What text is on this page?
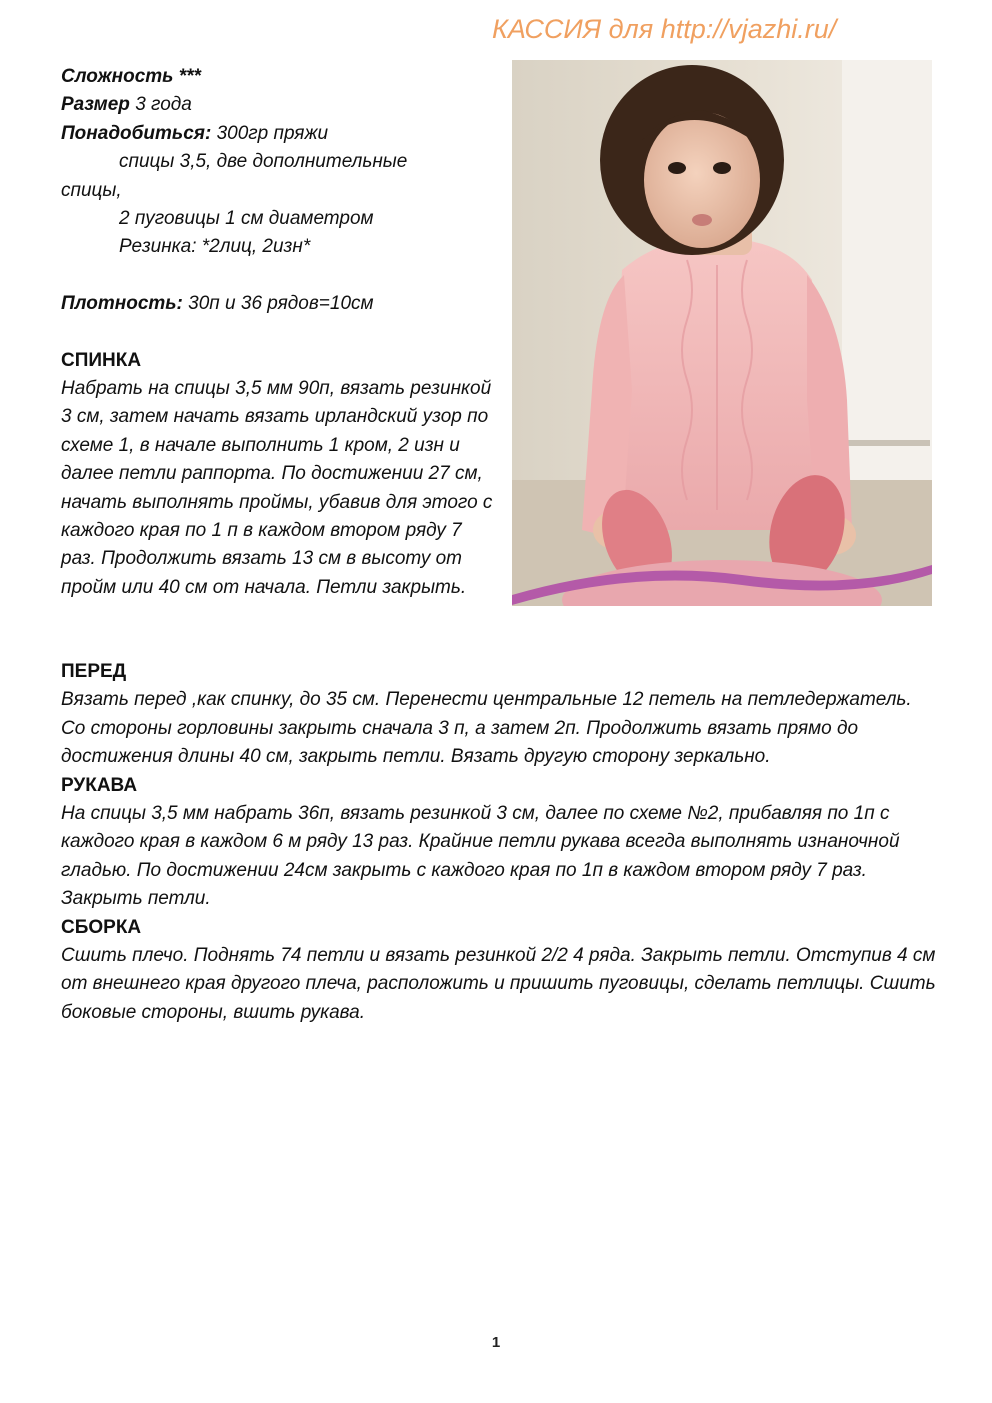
КАССИЯ для http://vjazhi.ru/

Сложность ***

Размер 3 года

Понадобиться: 300гр пряжи

спицы 3,5, две дополнительные

спицы,

2 пуговицы 1 см диаметром

Резинка: *2лиц, 2изн*

Плотность: 30п и 36 рядов=10см

СПИНКА

Набрать на спицы 3,5 мм 90п, вязать резинкой 3 см, затем начать вязать ирландский узор по схеме 1, в начале выполнить 1 кром, 2 изн и далее петли раппорта. По достижении 27 см, начать выполнять проймы, убавив для этого с каждого края по 1 п в каждом втором ряду 7 раз. Продолжить вязать 13 см в высоту от пройм или 40 см от начала. Петли закрыть.

ПЕРЕД

Вязать перед ,как спинку, до 35 см. Перенести центральные 12 петель на петледержатель. Со стороны горловины закрыть сначала 3 п, а затем 2п. Продолжить вязать прямо до достижения длины 40 см, закрыть петли. Вязать другую сторону зеркально.

РУКАВА

На спицы 3,5 мм набрать 36п, вязать резинкой 3 см, далее по схеме №2, прибавляя по 1п с каждого края в каждом 6 м ряду 13 раз. Крайние петли рукава всегда выполнять изнаночной гладью. По достижении 24см закрыть с каждого края по 1п в каждом втором ряду 7 раз. Закрыть петли.

СБОРКА

Сшить плечо. Поднять 74 петли и вязать резинкой 2/2 4 ряда. Закрыть петли. Отступив 4 см от внешнего края другого плеча, расположить и пришить пуговицы, сделать петлицы. Сшить боковые стороны, вшить рукава.

1
